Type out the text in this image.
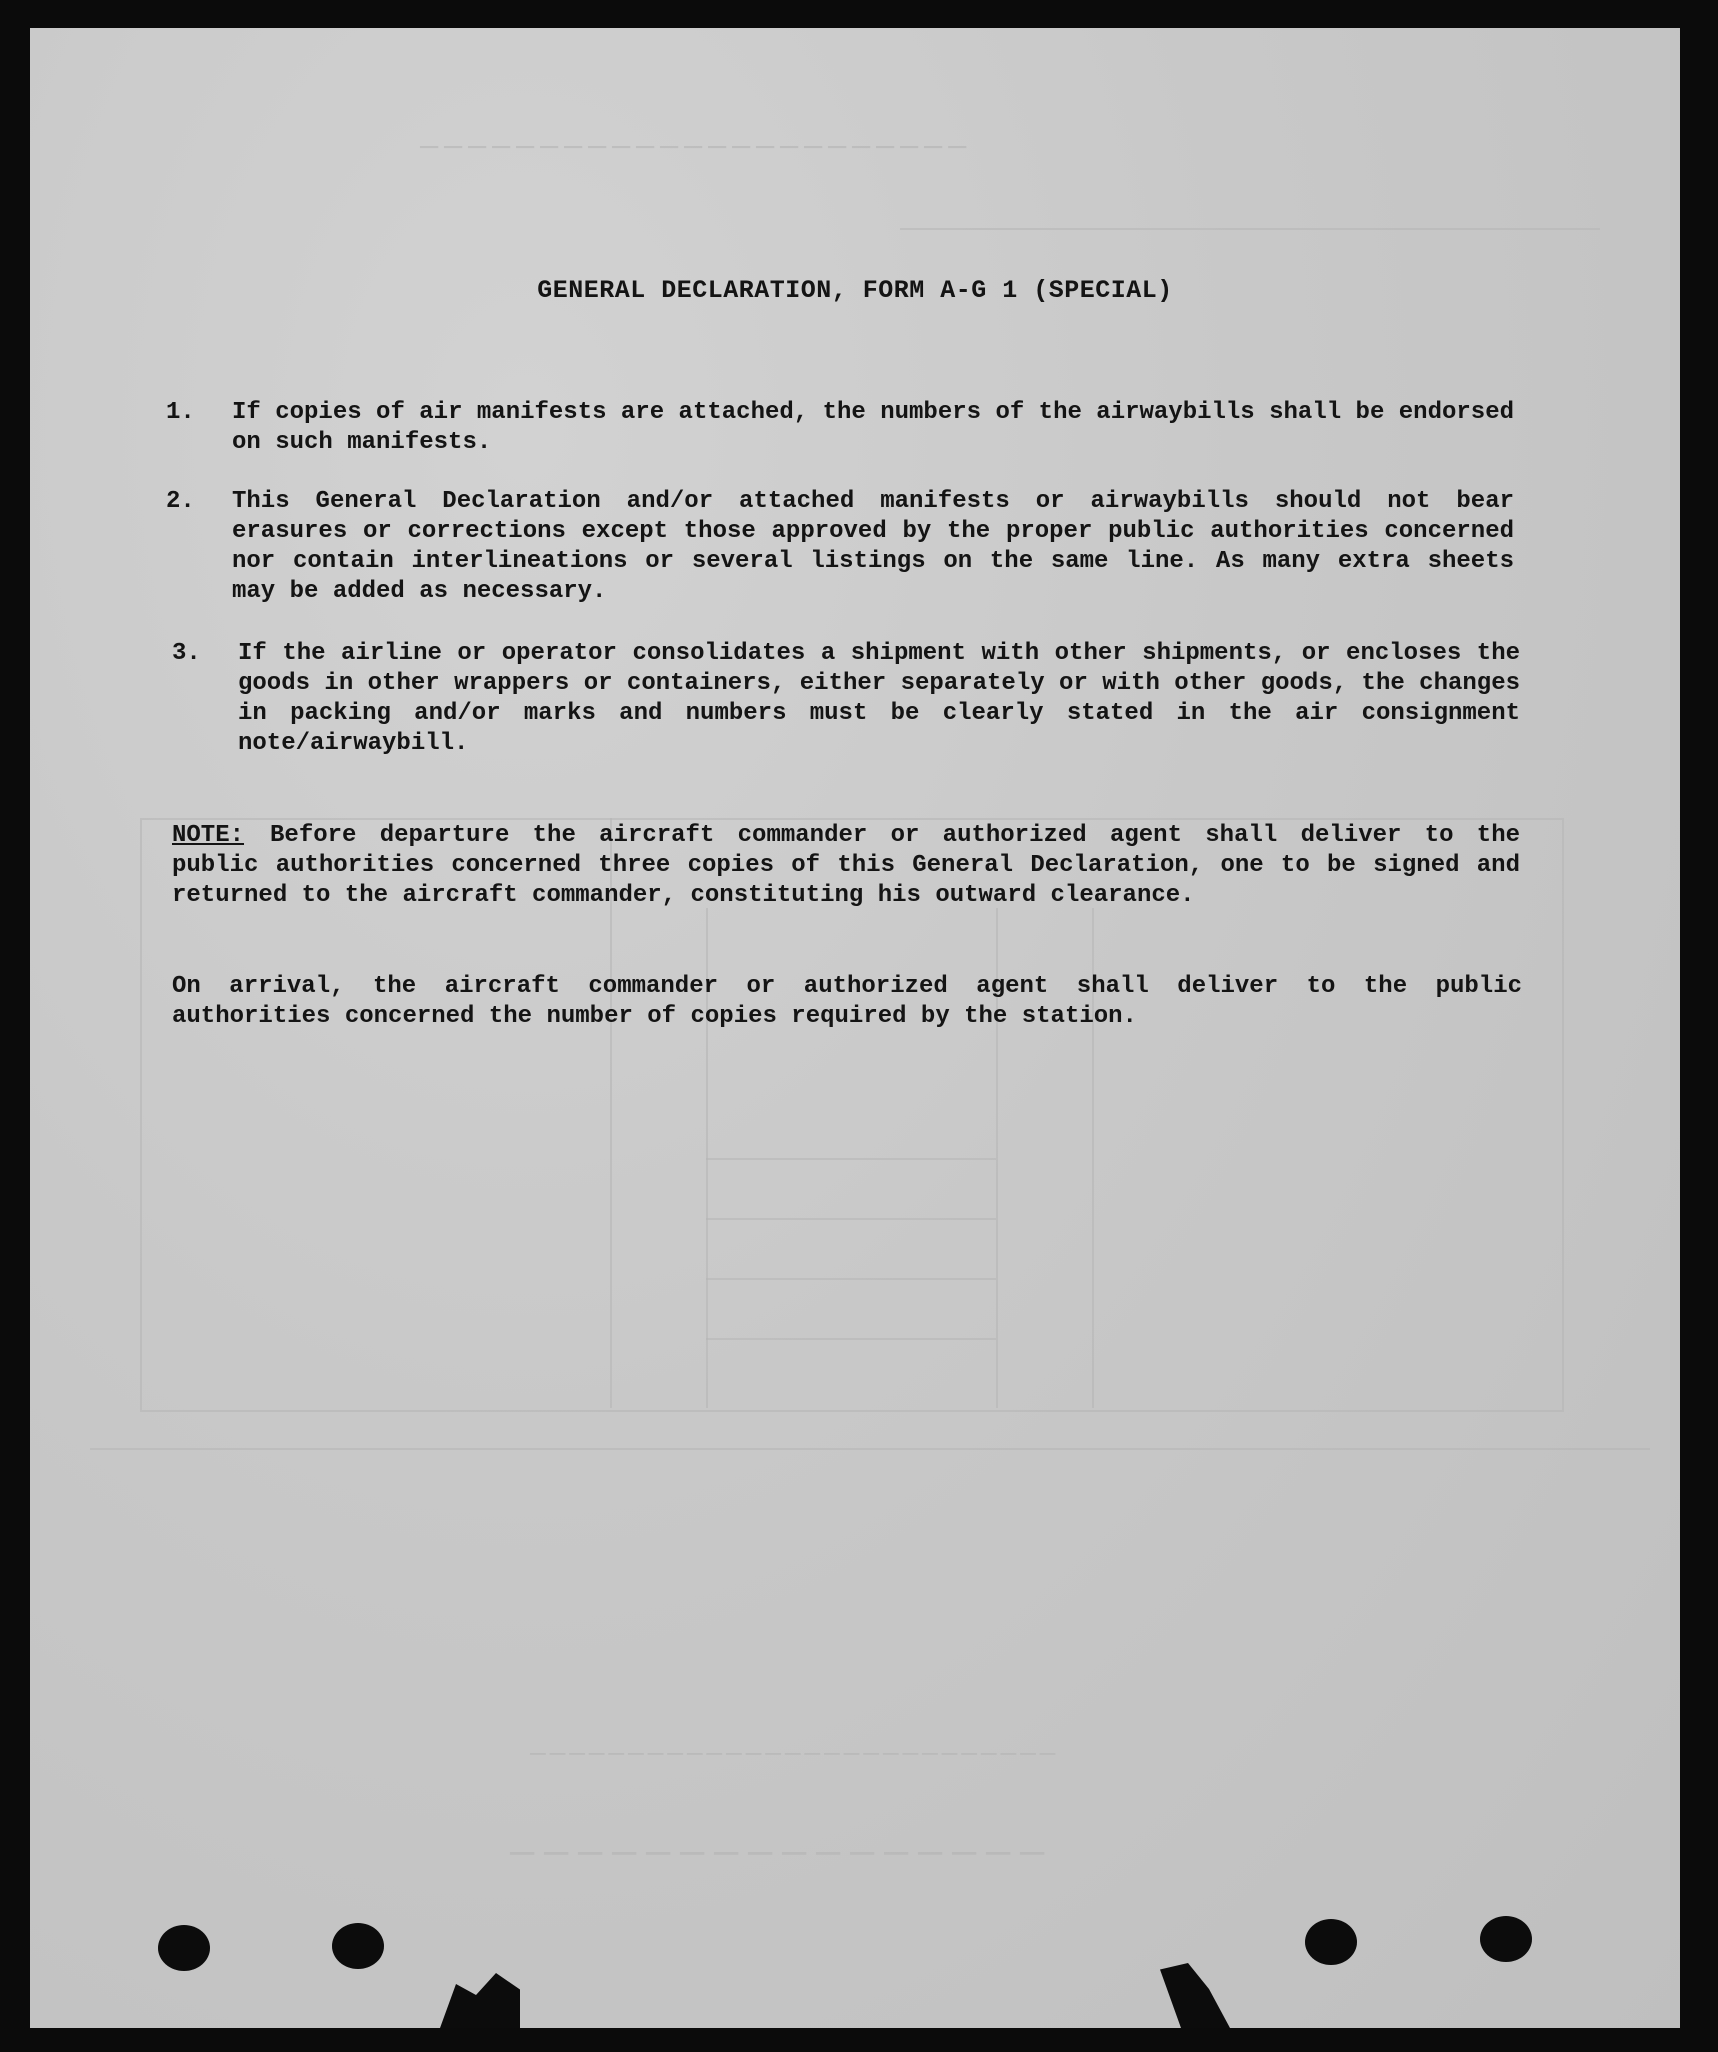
───────────────────────
────────────────
───────────────────────────
GENERAL DECLARATION, FORM A-G 1 (SPECIAL)
1. If copies of air manifests are attached, the numbers of the airwaybills shall be endorsed on such manifests.
2. This General Declaration and/or attached manifests or airwaybills should not bear erasures or corrections except those approved by the proper public authorities concerned nor contain interlineations or several listings on the same line. As many extra sheets may be added as necessary.
3. If the airline or operator consolidates a shipment with other shipments, or encloses the goods in other wrappers or containers, either separately or with other goods, the changes in packing and/or marks and numbers must be clearly stated in the air consignment note/airwaybill.
NOTE: Before departure the aircraft commander or authorized agent shall deliver to the public authorities concerned three copies of this General Declaration, one to be signed and returned to the aircraft commander, constituting his outward clearance.
On arrival, the aircraft commander or authorized agent shall deliver to the public authorities concerned the number of copies required by the station.
